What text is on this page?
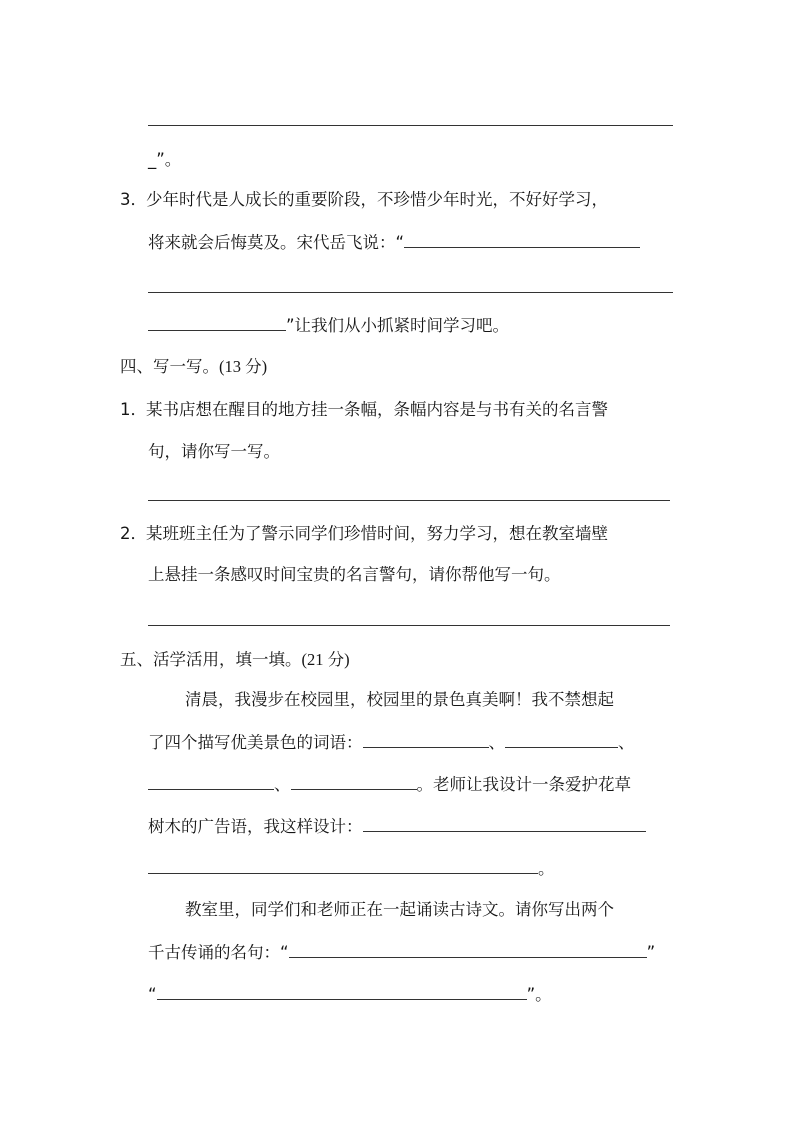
_”。
3．少年时代是人成长的重要阶段，不珍惜少年时光，不好好学习，
将来就会后悔莫及。宋代岳飞说：“
”让我们从小抓紧时间学习吧。
四、写一写。(13 分)
1．某书店想在醒目的地方挂一条幅，条幅内容是与书有关的名言警
句，请你写一写。
2．某班班主任为了警示同学们珍惜时间，努力学习，想在教室墙壁
上悬挂一条感叹时间宝贵的名言警句，请你帮他写一句。
五、活学活用，填一填。(21 分)
清晨，我漫步在校园里，校园里的景色真美啊！我不禁想起
了四个描写优美景色的词语：	、	、
、	。老师让我设计一条爱护花草
树木的广告语，我这样设计：
。
教室里，同学们和老师正在一起诵读古诗文。请你写出两个
千古传诵的名句：“	”
“	”。
